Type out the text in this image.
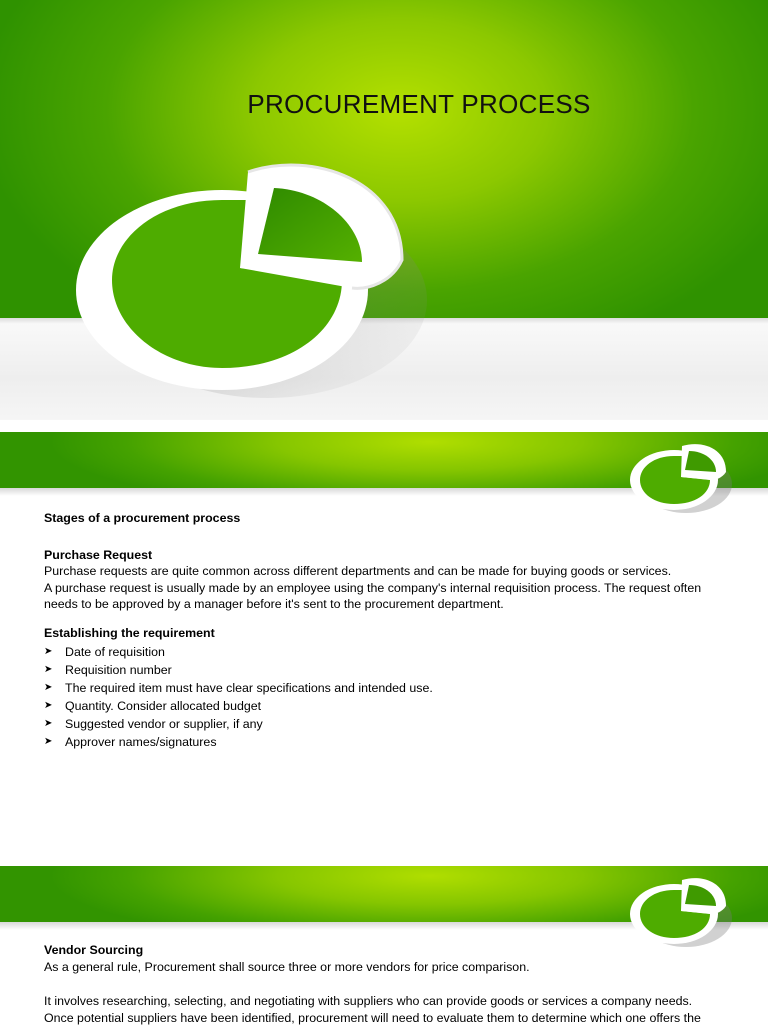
PROCUREMENT PROCESS
Stages of a procurement process
Purchase Request

Purchase requests are quite common across different departments and can be made for buying goods or services.

A purchase request is usually made by an employee using the company's internal requisition process. The request often

needs to be approved by a manager before it's sent to the procurement department.

Establishing the requirement
➤ Date of requisition
➤ Requisition number
➤ The required item must have clear specifications and intended use.
➤ Quantity. Consider allocated budget
➤ Suggested vendor or supplier, if any
➤ Approver names/signatures
Vendor Sourcing

As a general rule, Procurement shall source three or more vendors for price comparison.

It involves researching, selecting, and negotiating with suppliers who can provide goods or services a company needs.

Once potential suppliers have been identified, procurement will need to evaluate them to determine which one offers the
